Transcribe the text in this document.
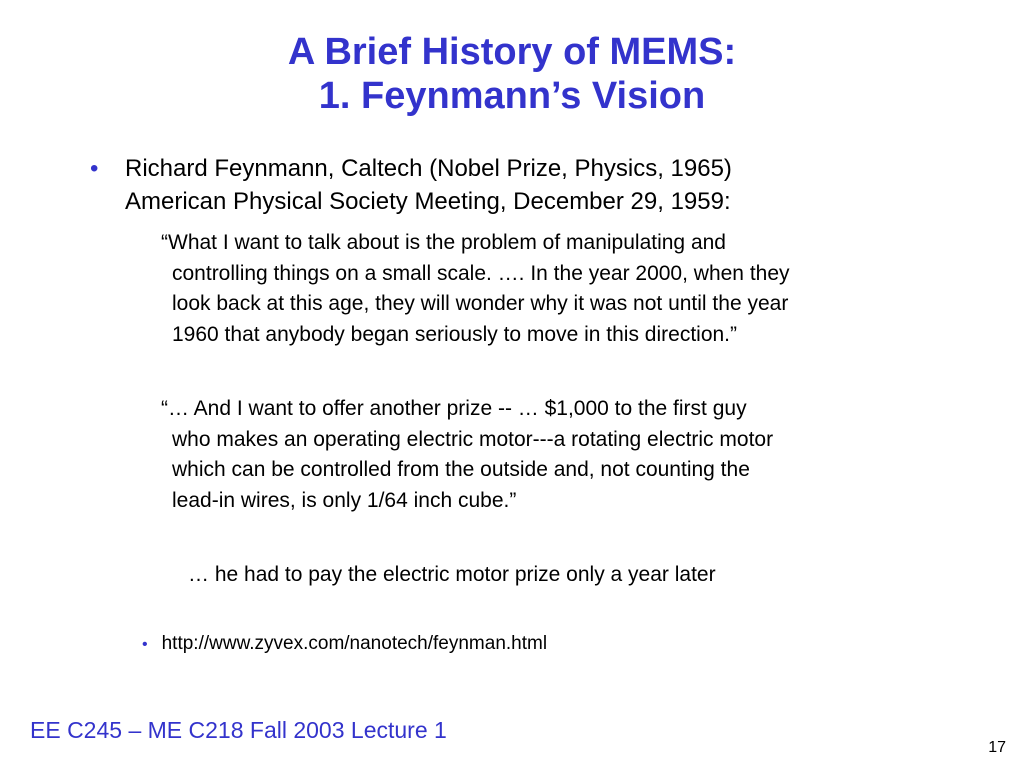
A Brief History of MEMS:
1. Feynmann’s Vision
• Richard Feynmann, Caltech (Nobel Prize, Physics, 1965)
American Physical Society Meeting, December 29, 1959:
“What I want to talk about is the problem of manipulating and
controlling things on a small scale. …. In the year 2000, when they
look back at this age, they will wonder why it was not until the year
1960 that anybody began seriously to move in this direction.”
“… And I want to offer another prize -- … $1,000 to the first guy
who makes an operating electric motor---a rotating electric motor
which can be controlled from the outside and, not counting the
lead-in wires, is only 1/64 inch cube.”
… he had to pay the electric motor prize only a year later
• http://www.zyvex.com/nanotech/feynman.html
EE C245 – ME C218 Fall 2003 Lecture 1
17
